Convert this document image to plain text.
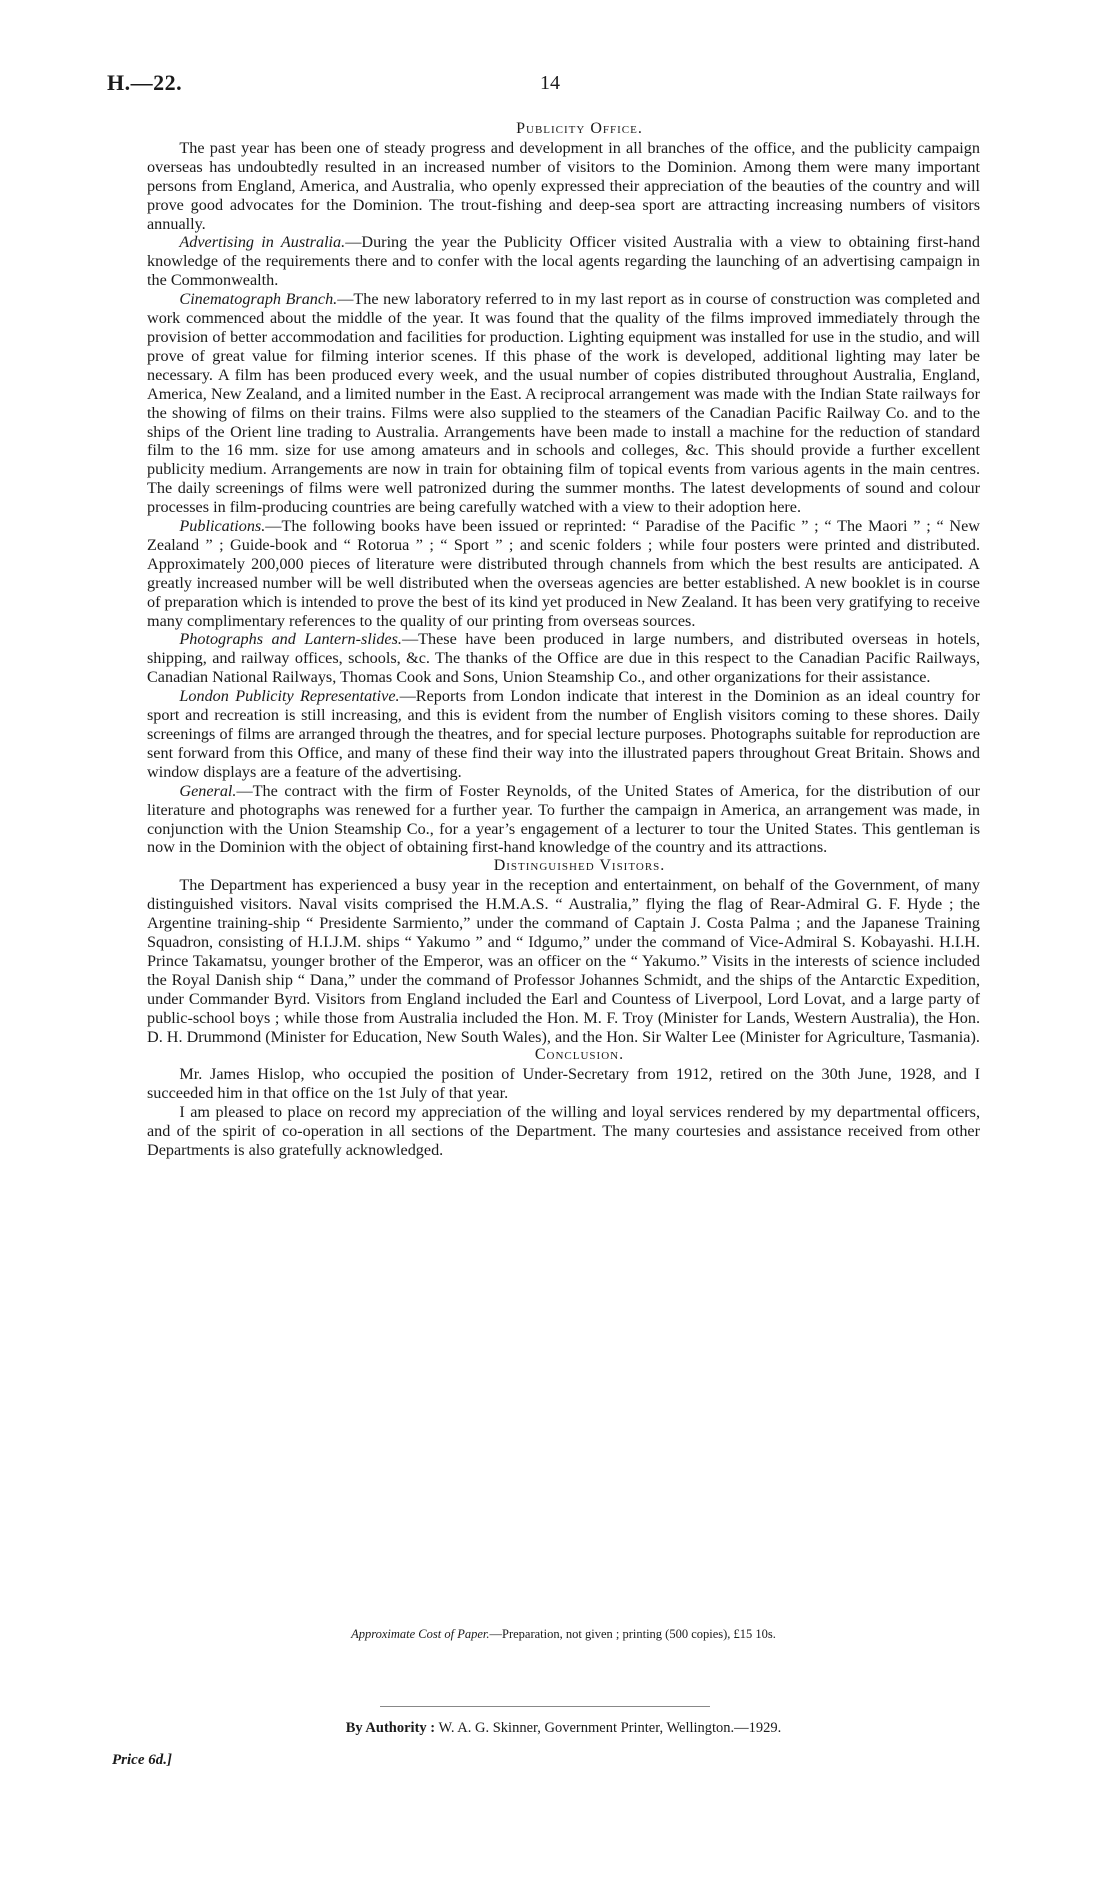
H.—22.	14

Publicity Office.

The past year has been one of steady progress and development in all branches of the office, and the publicity campaign overseas has undoubtedly resulted in an increased number of visitors to the Dominion. Among them were many important persons from England, America, and Australia, who openly expressed their appreciation of the beauties of the country and will prove good advocates for the Dominion. The trout-fishing and deep-sea sport are attracting increasing numbers of visitors annually.

Advertising in Australia.—During the year the Publicity Officer visited Australia with a view to obtaining first-hand knowledge of the requirements there and to confer with the local agents regarding the launching of an advertising campaign in the Commonwealth.

Cinematograph Branch.—The new laboratory referred to in my last report as in course of construction was completed and work commenced about the middle of the year. It was found that the quality of the films improved immediately through the provision of better accommodation and facilities for production. Lighting equipment was installed for use in the studio, and will prove of great value for filming interior scenes. If this phase of the work is developed, additional lighting may later be necessary. A film has been produced every week, and the usual number of copies distributed throughout Australia, England, America, New Zealand, and a limited number in the East. A reciprocal arrangement was made with the Indian State railways for the showing of films on their trains. Films were also supplied to the steamers of the Canadian Pacific Railway Co. and to the ships of the Orient line trading to Australia. Arrangements have been made to install a machine for the reduction of standard film to the 16 mm. size for use among amateurs and in schools and colleges, &c. This should provide a further excellent publicity medium. Arrangements are now in train for obtaining film of topical events from various agents in the main centres. The daily screenings of films were well patronized during the summer months. The latest developments of sound and colour processes in film-producing countries are being carefully watched with a view to their adoption here.

Publications.—The following books have been issued or reprinted: “ Paradise of the Pacific ” ; “ The Maori ” ; “ New Zealand ” ; Guide-book and “ Rotorua ” ; “ Sport ” ; and scenic folders ; while four posters were printed and distributed. Approximately 200,000 pieces of literature were distributed through channels from which the best results are anticipated. A greatly increased number will be well distributed when the overseas agencies are better established. A new booklet is in course of preparation which is intended to prove the best of its kind yet produced in New Zealand. It has been very gratifying to receive many complimentary references to the quality of our printing from overseas sources.

Photographs and Lantern-slides.—These have been produced in large numbers, and distributed overseas in hotels, shipping, and railway offices, schools, &c. The thanks of the Office are due in this respect to the Canadian Pacific Railways, Canadian National Railways, Thomas Cook and Sons, Union Steamship Co., and other organizations for their assistance.

London Publicity Representative.—Reports from London indicate that interest in the Dominion as an ideal country for sport and recreation is still increasing, and this is evident from the number of English visitors coming to these shores. Daily screenings of films are arranged through the theatres, and for special lecture purposes. Photographs suitable for reproduction are sent forward from this Office, and many of these find their way into the illustrated papers throughout Great Britain. Shows and window displays are a feature of the advertising.

General.—The contract with the firm of Foster Reynolds, of the United States of America, for the distribution of our literature and photographs was renewed for a further year. To further the campaign in America, an arrangement was made, in conjunction with the Union Steamship Co., for a year’s engagement of a lecturer to tour the United States. This gentleman is now in the Dominion with the object of obtaining first-hand knowledge of the country and its attractions.

Distinguished Visitors.

The Department has experienced a busy year in the reception and entertainment, on behalf of the Government, of many distinguished visitors. Naval visits comprised the H.M.A.S. “ Australia,” flying the flag of Rear-Admiral G. F. Hyde ; the Argentine training-ship “ Presidente Sarmiento,” under the command of Captain J. Costa Palma ; and the Japanese Training Squadron, consisting of H.I.J.M. ships “ Yakumo ” and “ Idgumo,” under the command of Vice-Admiral S. Kobayashi. H.I.H. Prince Takamatsu, younger brother of the Emperor, was an officer on the “ Yakumo.” Visits in the interests of science included the Royal Danish ship “ Dana,” under the command of Professor Johannes Schmidt, and the ships of the Antarctic Expedition, under Commander Byrd. Visitors from England included the Earl and Countess of Liverpool, Lord Lovat, and a large party of public-school boys ; while those from Australia included the Hon. M. F. Troy (Minister for Lands, Western Australia), the Hon. D. H. Drummond (Minister for Education, New South Wales), and the Hon. Sir Walter Lee (Minister for Agriculture, Tasmania).

Conclusion.

Mr. James Hislop, who occupied the position of Under-Secretary from 1912, retired on the 30th June, 1928, and I succeeded him in that office on the 1st July of that year.

I am pleased to place on record my appreciation of the willing and loyal services rendered by my departmental officers, and of the spirit of co-operation in all sections of the Department. The many courtesies and assistance received from other Departments is also gratefully acknowledged.

Approximate Cost of Paper.—Preparation, not given ; printing (500 copies), £15 10s.
By Authority : W. A. G. Skinner, Government Printer, Wellington.—1929.
Price 6d.]
